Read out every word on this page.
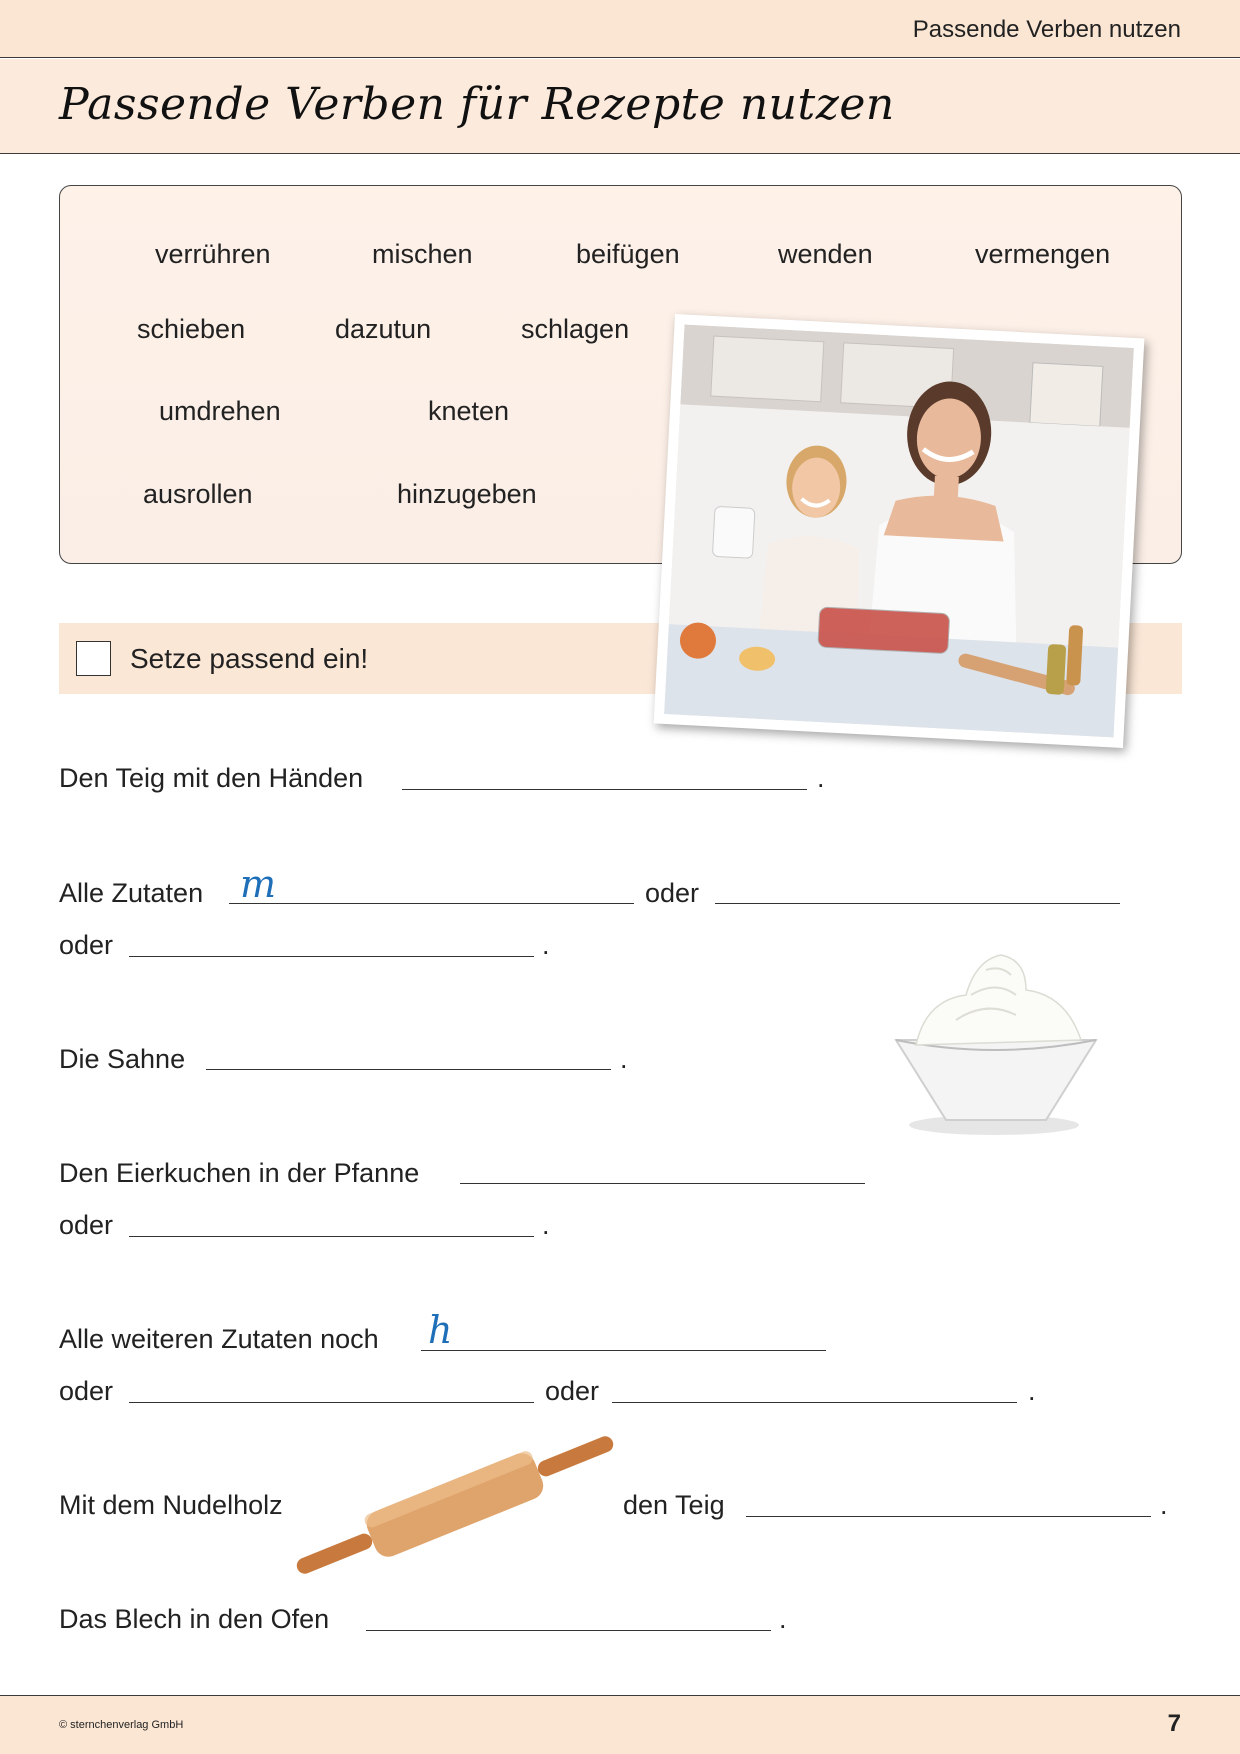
Passende Verben nutzen
Passende Verben für Rezepte nutzen
verrühren	mischen	beifügen	wenden	vermengen
schieben	dazutun	schlagen
umdrehen	kneten
ausrollen	hinzugeben
Setze passend ein!
Den Teig mit den Händen	.
Alle Zutaten m	oder
oder	.
Die Sahne	.
Den Eierkuchen in der Pfanne
oder	.
Alle weiteren Zutaten noch h
oder	oder	.
Mit dem Nudelholz	den Teig	.
Das Blech in den Ofen	.
© sternchenverlag GmbH	7
